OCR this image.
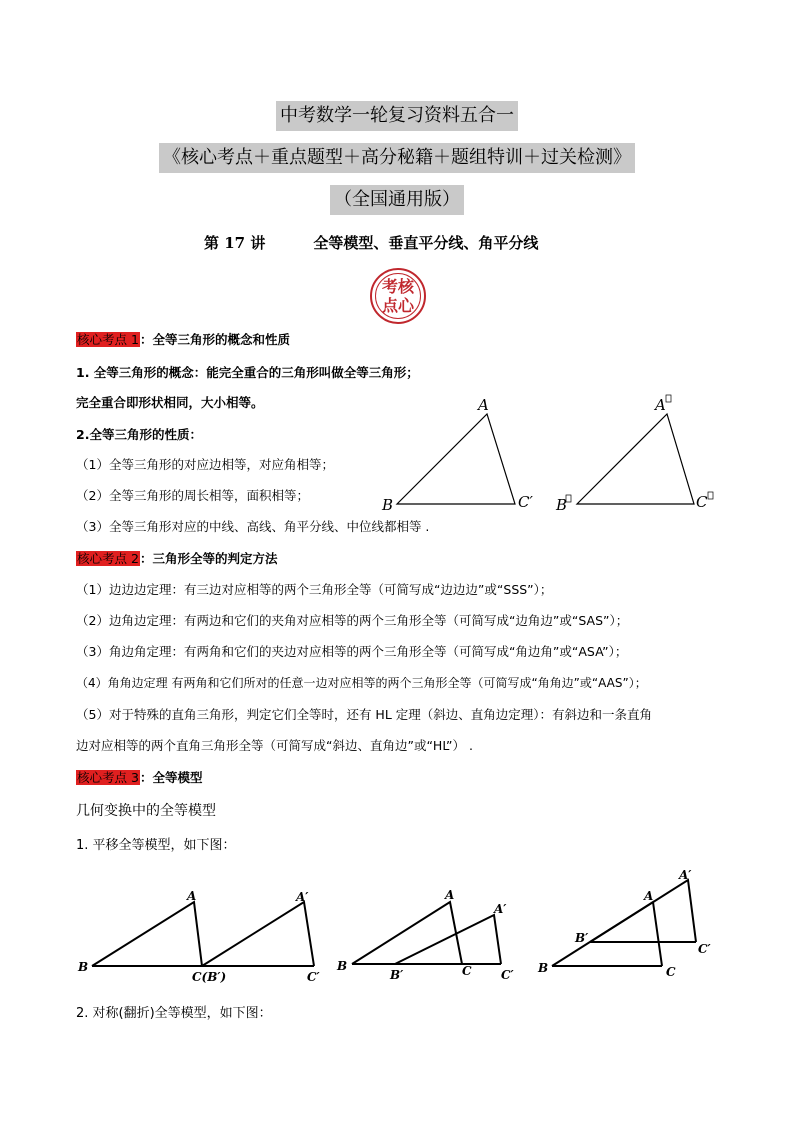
中考数学一轮复习资料五合一
《核心考点＋重点题型＋高分秘籍＋题组特训＋过关检测》
（全国通用版）
第 17 讲	全等模型、垂直平分线、角平分线
考核
点心
核心考点 1：全等三角形的概念和性质
1. 全等三角形的概念：能完全重合的三角形叫做全等三角形；
完全重合即形状相同，大小相等。
2.全等三角形的性质：
（1）全等三角形的对应边相等，对应角相等；
（2）全等三角形的周长相等，面积相等；
（3）全等三角形对应的中线、高线、角平分线、中位线都相等 .
A
B	C′
A
B	C
核心考点 2：三角形全等的判定方法
（1）边边边定理：有三边对应相等的两个三角形全等（可简写成“边边边”或“SSS”）；
（2）边角边定理：有两边和它们的夹角对应相等的两个三角形全等（可简写成“边角边”或“SAS”）；
（3）角边角定理：有两角和它们的夹边对应相等的两个三角形全等（可简写成“角边角”或“ASA”）；
（4）角角边定理 有两角和它们所对的任意一边对应相等的两个三角形全等（可简写成“角角边”或“AAS”）；
（5）对于特殊的直角三角形，判定它们全等时，还有 HL 定理（斜边、直角边定理）：有斜边和一条直角
边对应相等的两个直角三角形全等（可简写成“斜边、直角边”或“HL”） .
核心考点 3：全等模型
几何变换中的全等模型
1. 平移全等模型，如下图：
A	A′
B
C(B′)	C′
A
A′
B
B′	C C′
A
A′
B
B′
C
C′
2. 对称(翻折)全等模型，如下图：
